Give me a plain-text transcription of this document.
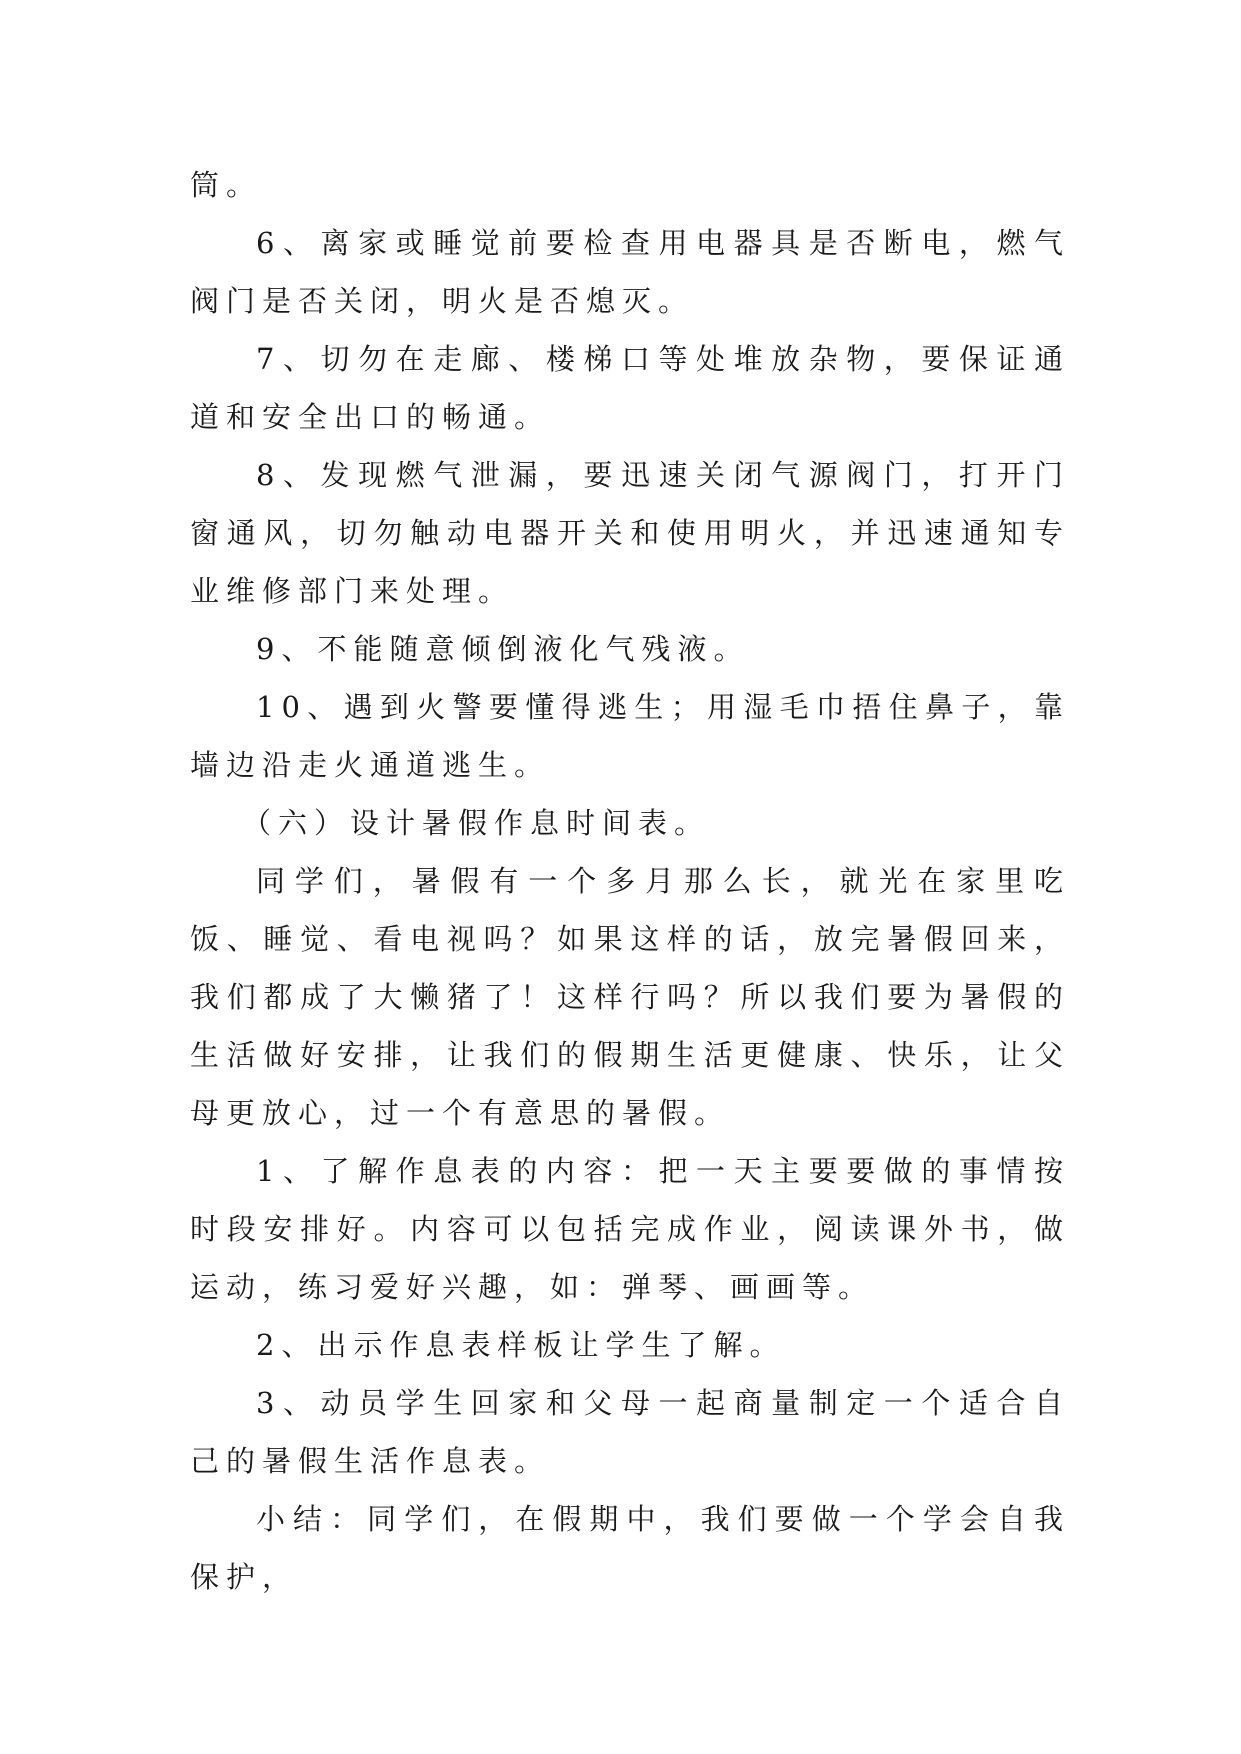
筒。

6、离家或睡觉前要检查用电器具是否断电，燃气阀门是否关闭，明火是否熄灭。

7、切勿在走廊、楼梯口等处堆放杂物，要保证通道和安全出口的畅通。

8、发现燃气泄漏，要迅速关闭气源阀门，打开门窗通风，切勿触动电器开关和使用明火，并迅速通知专业维修部门来处理。

9、不能随意倾倒液化气残液。

10、遇到火警要懂得逃生；用湿毛巾捂住鼻子，靠墙边沿走火通道逃生。

（六）设计暑假作息时间表。

同学们，暑假有一个多月那么长，就光在家里吃饭、睡觉、看电视吗？如果这样的话，放完暑假回来，我们都成了大懒猪了！这样行吗？所以我们要为暑假的生活做好安排，让我们的假期生活更健康、快乐，让父母更放心，过一个有意思的暑假。

1、了解作息表的内容：把一天主要要做的事情按时段安排好。内容可以包括完成作业，阅读课外书，做运动，练习爱好兴趣，如：弹琴、画画等。

2、出示作息表样板让学生了解。

3、动员学生回家和父母一起商量制定一个适合自己的暑假生活作息表。

小结：同学们，在假期中，我们要做一个学会自我保护，
